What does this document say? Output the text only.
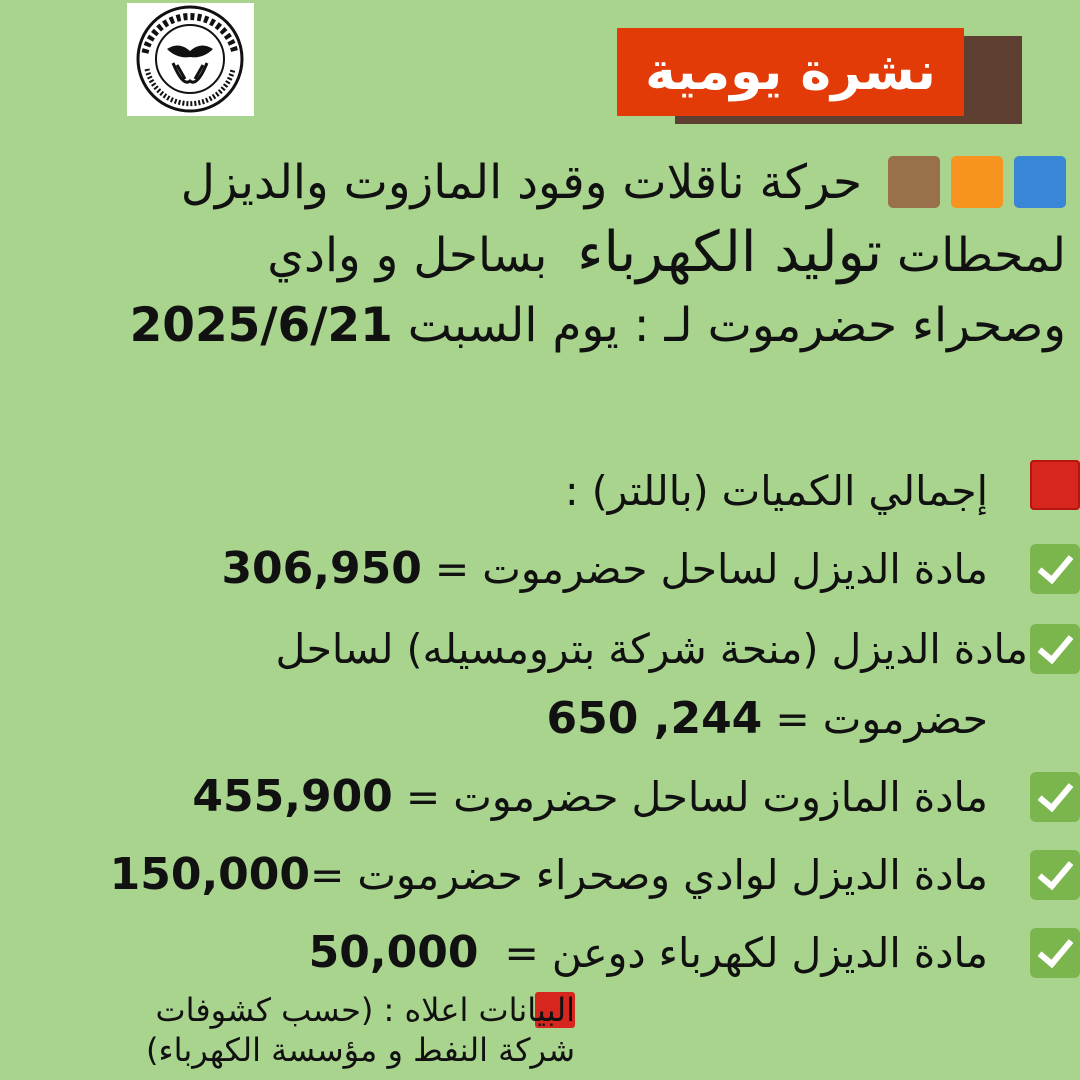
نشرة يومية
حركة ناقلات وقود المازوت والديزل
لمحطات توليد الكهرباء  بساحل و وادي
وصحراء حضرموت لـ : يوم السبت 2025/6/21
إجمالي الكميات (باللتر) :
مادة الديزل لساحل حضرموت = 306,950
مادة الديزل (منحة شركة بترومسيله) لساحل
حضرموت = 244, 650
مادة المازوت لساحل حضرموت = 455,900
مادة الديزل لوادي وصحراء حضرموت =150,000
مادة الديزل لكهرباء دوعن =  50,000
البيانات اعلاه : (حسب كشوفات
شركة النفط و مؤسسة الكهرباء)
